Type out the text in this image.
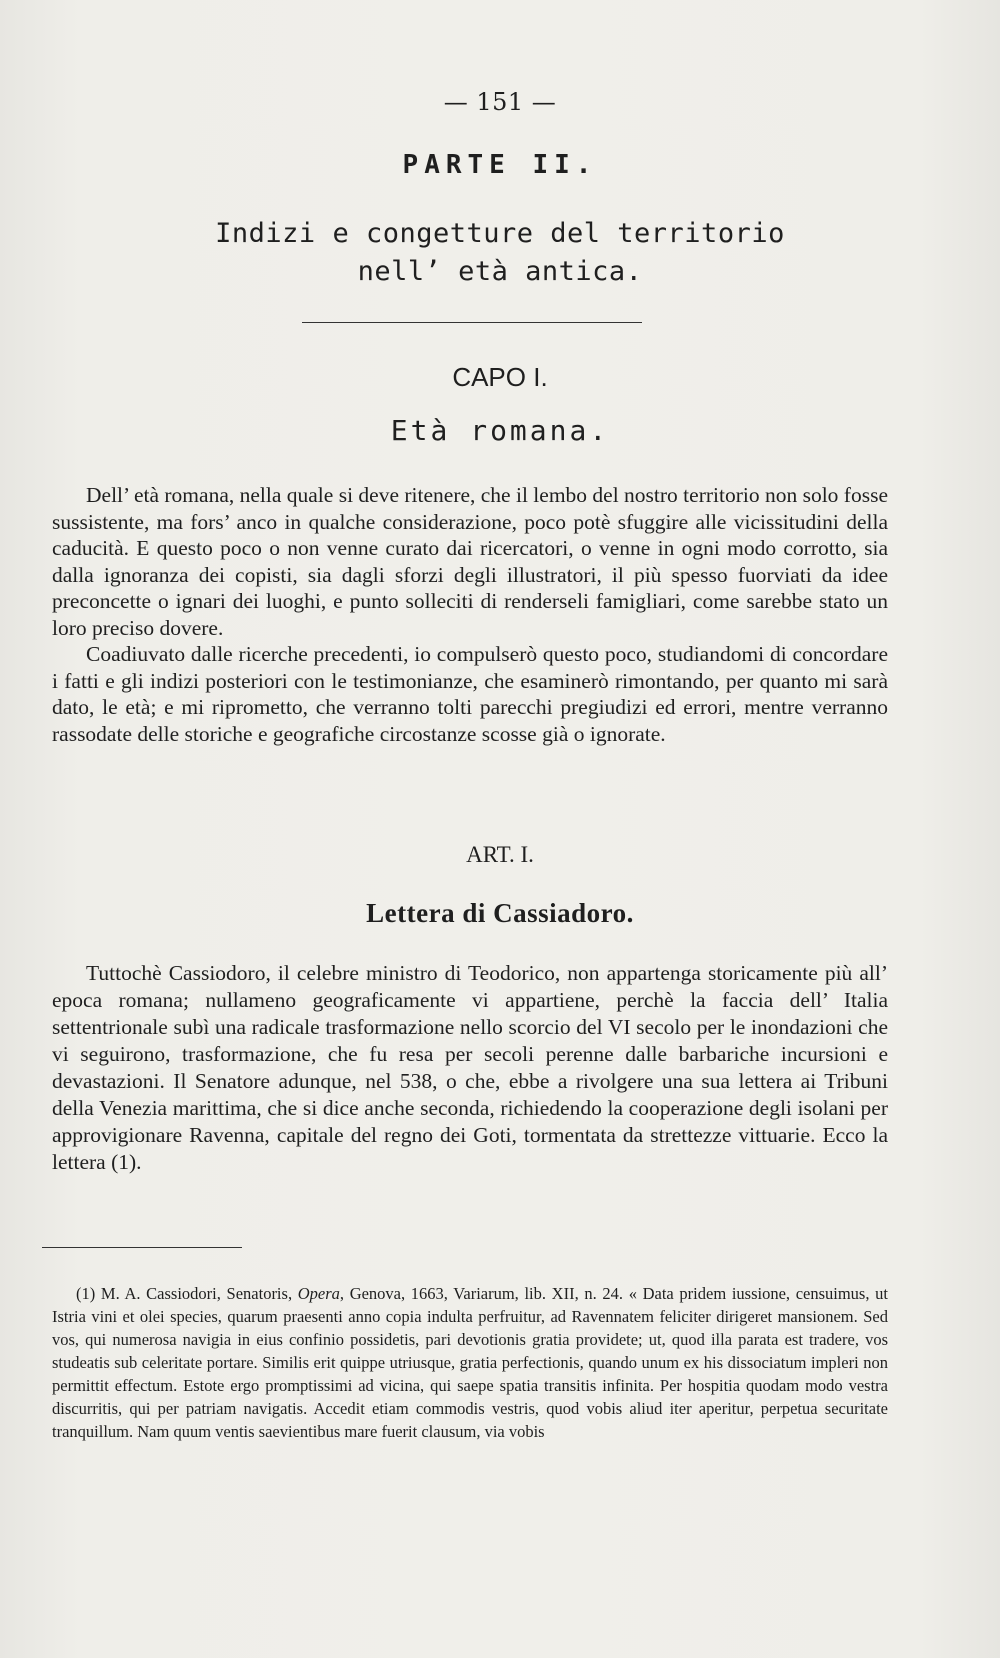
— 151 —
PARTE II.
Indizi e congetture del territorio
nell’ età antica.
CAPO I.
Età romana.

Dell’ età romana, nella quale si deve ritenere, che il lembo del nostro territorio non solo fosse sussistente, ma fors’ anco in qualche considerazione, poco potè sfuggire alle vicissitudini della caducità. E questo poco o non venne curato dai ricercatori, o venne in ogni modo corrotto, sia dalla ignoranza dei copisti, sia dagli sforzi degli illustratori, il più spesso fuorviati da idee preconcette o ignari dei luoghi, e punto solleciti di renderseli famigliari, come sarebbe stato un loro preciso dovere.

Coadiuvato dalle ricerche precedenti, io compulserò questo poco, studiandomi di concordare i fatti e gli indizi posteriori con le testimonianze, che esaminerò rimontando, per quanto mi sarà dato, le età; e mi riprometto, che verranno tolti parecchi pregiudizi ed errori, mentre verranno rassodate delle storiche e geografiche circostanze scosse già o ignorate.

ART. I.
Lettera di Cassiadoro.

Tuttochè Cassiodoro, il celebre ministro di Teodorico, non appartenga storicamente più all’ epoca romana; nullameno geograficamente vi appartiene, perchè la faccia dell’ Italia settentrionale subì una radicale trasformazione nello scorcio del VI secolo per le inondazioni che vi seguirono, trasformazione, che fu resa per secoli perenne dalle barbariche incursioni e devastazioni. Il Senatore adunque, nel 538, o che, ebbe a rivolgere una sua lettera ai Tribuni della Venezia marittima, che si dice anche seconda, richiedendo la cooperazione degli isolani per approvigionare Ravenna, capitale del regno dei Goti, tormentata da strettezze vittuarie. Ecco la lettera (1).

(1) M. A. Cassiodori, Senatoris, Opera, Genova, 1663, Variarum, lib. XII, n. 24. « Data pridem iussione, censuimus, ut Istria vini et olei species, quarum praesenti anno copia indulta perfruitur, ad Ravennatem feliciter dirigeret mansionem. Sed vos, qui numerosa navigia in eius confinio possidetis, pari devotionis gratia providete; ut, quod illa parata est tradere, vos studeatis sub celeritate portare. Similis erit quippe utriusque, gratia perfectionis, quando unum ex his dissociatum impleri non permittit effectum. Estote ergo promptissimi ad vicina, qui saepe spatia transitis infinita. Per hospitia quodam modo vestra discurritis, qui per patriam navigatis. Accedit etiam commodis vestris, quod vobis aliud iter aperitur, perpetua securitate tranquillum. Nam quum ventis saevientibus mare fuerit clausum, via vobis
